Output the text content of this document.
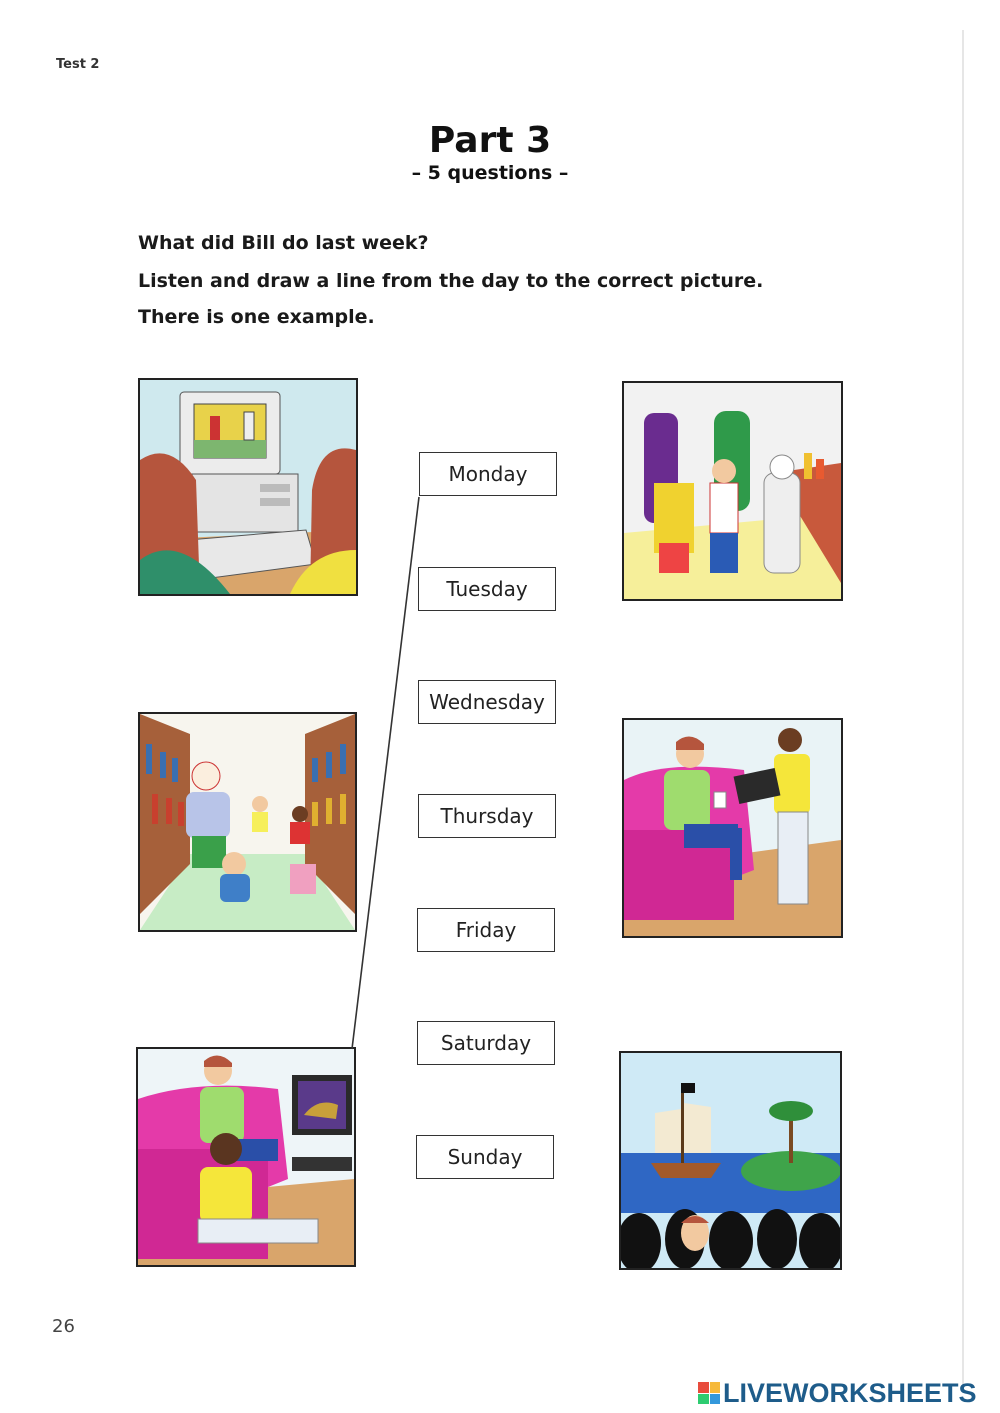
Test 2
Part 3
– 5 questions –
What did Bill do last week?
Listen and draw a line from the day to the correct picture.
There is one example.
Monday
Tuesday
Wednesday
Thursday
Friday
Saturday
Sunday
26
LIVEWORKSHEETS
